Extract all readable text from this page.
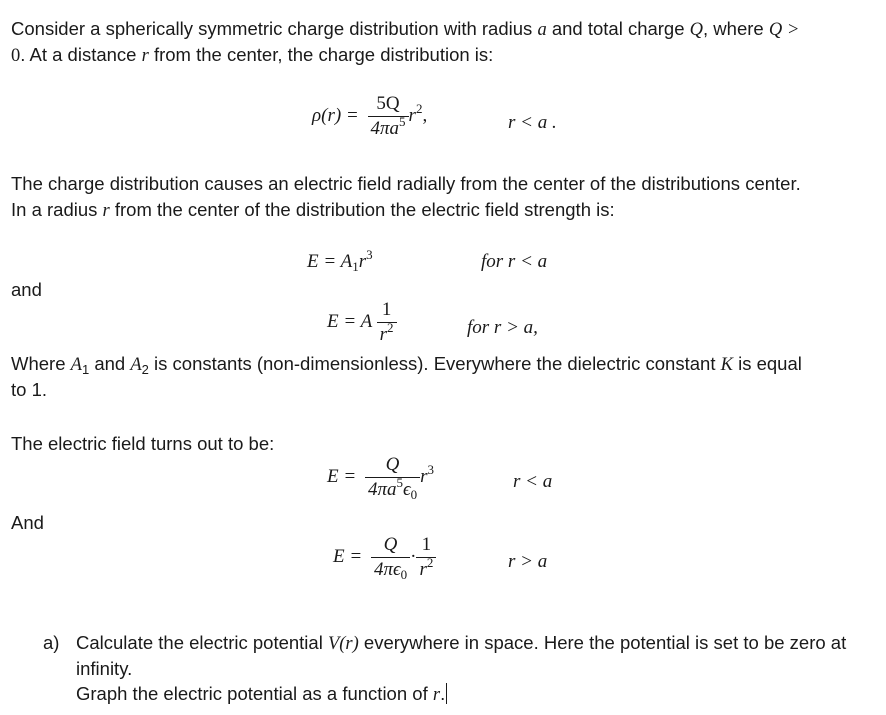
Consider a spherically symmetric charge distribution with radius a and total charge Q, where Q >
0. At a distance r from the center, the charge distribution is:
$\rho(r) = \frac{5Q}{4\pi a^5} r^2$,	r < a .
The charge distribution causes an electric field radially from the center of the distributions center.
In a radius r from the center of the distribution the electric field strength is:
$E = A_1r^3$	for r < a
and
E = A $\frac{1}{r^2}$	for r > a,
Where $A_1$ and $A_2$ is constants (non-dimensionless). Everywhere the dielectric constant K is equal
to 1.
The electric field turns out to be:
$E = \frac{Q}{4\pi a^5\epsilon_0} r^3$
r < a
And
$E = \frac{Q}{4\pi\epsilon_0} \cdot \frac{1}{r^2}$	r > a
a) Calculate the electric potential V(r) everywhere in space. Here the potential is set to be zero at
infinity.
Graph the electric potential as a function of r.
